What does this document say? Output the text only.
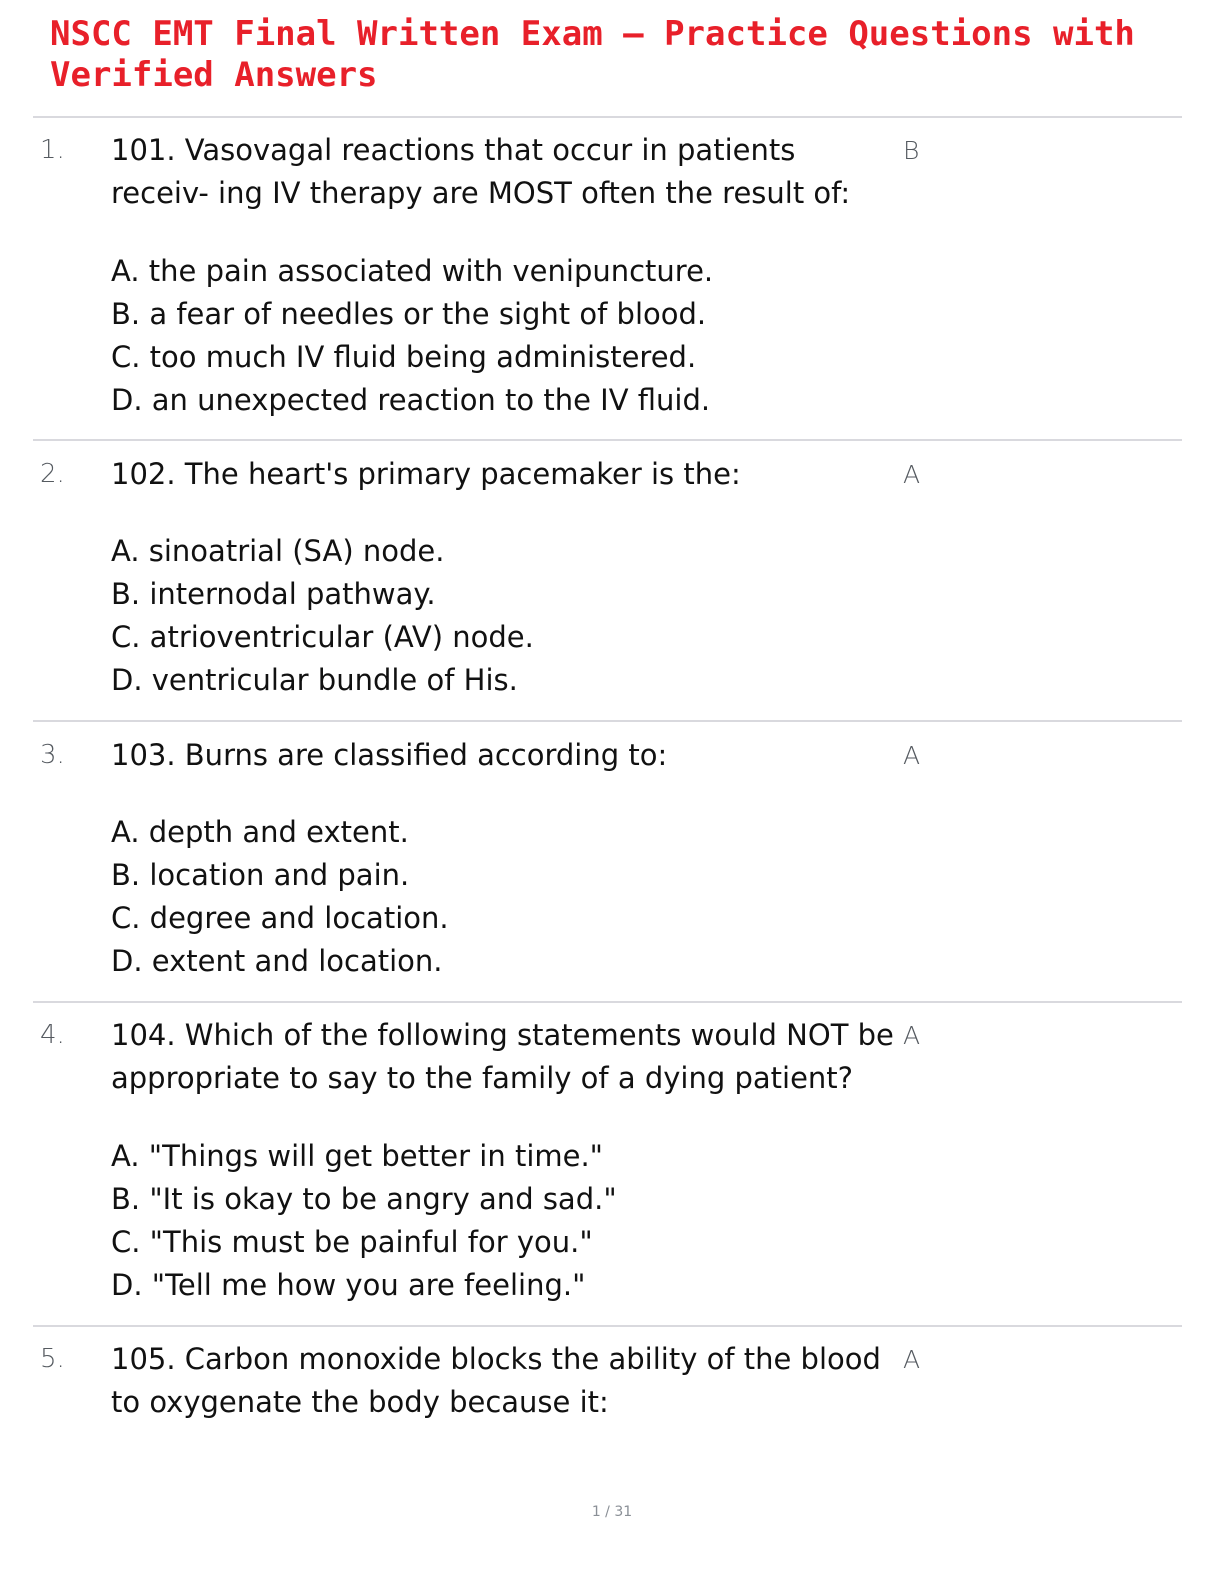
NSCC EMT Final Written Exam – Practice Questions with Verified Answers
1. 101. Vasovagal reactions that occur in patients receiv- ing IV therapy are MOST often the result of:

B
A. the pain associated with venipuncture.
B. a fear of needles or the sight of blood.
C. too much IV fluid being administered.
D. an unexpected reaction to the IV fluid.
2. 102. The heart's primary pacemaker is the:	A
A. sinoatrial (SA) node.
B. internodal pathway.
C. atrioventricular (AV) node.
D. ventricular bundle of His.
3. 103. Burns are classified according to:	A
A. depth and extent.
B. location and pain.
C. degree and location.
D. extent and location.
4. 104. Which of the following statements would NOT be appropriate to say to the family of a dying patient?

A
A. "Things will get better in time."
B. "It is okay to be angry and sad."
C. "This must be painful for you."
D. "Tell me how you are feeling."
5. 105. Carbon monoxide blocks the ability of the blood to oxygenate the body because it:

A
1 / 31
